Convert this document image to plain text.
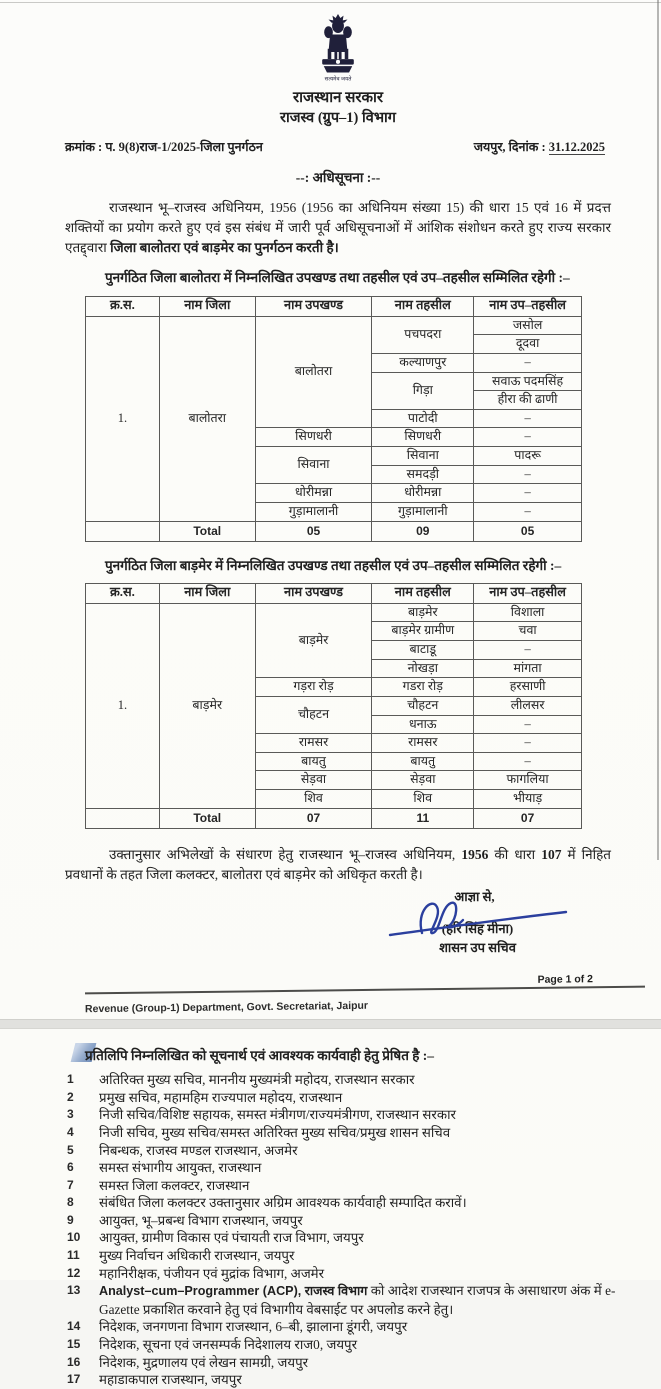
सत्यमेव जयते
राजस्थान सरकार
राजस्व (ग्रुप–1) विभाग
क्रमांक : प. 9(8)राज-1/2025-जिला पुनर्गठन	जयपुर, दिनांक : 31.12.2025
--: अधिसूचना :--
राजस्थान भू–राजस्व अधिनियम, 1956 (1956 का अधिनियम संख्या 15) की धारा 15 एवं 16 में प्रदत्त शक्तियों का प्रयोग करते हुए एवं इस संबंध में जारी पूर्व अधिसूचनाओं में आंशिक संशोधन करते हुए राज्य सरकार एतद्द्वारा जिला बालोतरा एवं बाड़मेर का पुनर्गठन करती है।
पुनर्गठित जिला बालोतरा में निम्नलिखित उपखण्ड तथा तहसील एवं उप–तहसील सम्मिलित रहेगी :–
क्र.स.	नाम जिला	नाम उपखण्ड	नाम तहसील	नाम उप–तहसील
1.	बालोतरा	बालोतरा	पचपदरा	जसोल
				दूदवा
			कल्याणपुर	–
			गिड़ा	सवाऊ पदमसिंह
				हीरा की ढाणी
			पाटोदी	–
		सिणधरी	सिणधरी	–
		सिवाना	सिवाना	पादरू
			समदड़ी	–
		धोरीमन्ना	धोरीमन्ना	–
		गुड़ामालानी	गुड़ामालानी	–
	Total	05	09	05
पुनर्गठित जिला बाड़मेर में निम्नलिखित उपखण्ड तथा तहसील एवं उप–तहसील सम्मिलित रहेगी :–
क्र.स.	नाम जिला	नाम उपखण्ड	नाम तहसील	नाम उप–तहसील
1.	बाड़मेर	बाड़मेर	बाड़मेर	विशाला
			बाड़मेर ग्रामीण	चवा
			बाटाडू	–
			नोखड़ा	मांगता
		गड़रा रोड़	गडरा रोड़	हरसाणी
		चौहटन	चौहटन	लीलसर
			धनाऊ	–
		रामसर	रामसर	–
		बायतु	बायतु	–
		सेड़वा	सेड़वा	फागलिया
		शिव	शिव	भीयाड़
	Total	07	11	07
उक्तानुसार अभिलेखों के संधारण हेतु राजस्थान भू–राजस्व अधिनियम, 1956 की धारा 107 में निहित प्रवधानों के तहत जिला कलक्टर, बालोतरा एवं बाड़मेर को अधिकृत करती है।
आज्ञा से,
(हरि सिंह मीना)
शासन उप सचिव
Page 1 of 2
Revenue (Group-1) Department, Govt. Secretariat, Jaipur
प्रतिलिपि निम्नलिखित को सूचनार्थ एवं आवश्यक कार्यवाही हेतु प्रेषित है :–
1	अतिरिक्त मुख्य सचिव, माननीय मुख्यमंत्री महोदय, राजस्थान सरकार
2	प्रमुख सचिव, महामहिम राज्यपाल महोदय, राजस्थान
3	निजी सचिव/विशिष्ट सहायक, समस्त मंत्रीगण/राज्यमंत्रीगण, राजस्थान सरकार
4	निजी सचिव, मुख्य सचिव/समस्त अतिरिक्त मुख्य सचिव/प्रमुख शासन सचिव
5	निबन्धक, राजस्व मण्डल राजस्थान, अजमेर
6	समस्त संभागीय आयुक्त, राजस्थान
7	समस्त जिला कलक्टर, राजस्थान
8	संबंधित जिला कलक्टर उक्तानुसार अग्रिम आवश्यक कार्यवाही सम्पादित करावें।
9	आयुक्त, भू–प्रबन्ध विभाग राजस्थान, जयपुर
10	आयुक्त, ग्रामीण विकास एवं पंचायती राज विभाग, जयपुर
11	मुख्य निर्वाचन अधिकारी राजस्थान, जयपुर
12	महानिरीक्षक, पंजीयन एवं मुद्रांक विभाग, अजमेर
13	Analyst–cum–Programmer (ACP), राजस्व विभाग को आदेश राजस्थान राजपत्र के असाधारण अंक में e-Gazette प्रकाशित करवाने हेतु एवं विभागीय वेबसाईट पर अपलोड करने हेतु।
14	निदेशक, जनगणना विभाग राजस्थान, 6–बी, झालाना डूंगरी, जयपुर
15	निदेशक, सूचना एवं जनसम्पर्क निदेशालय राज0, जयपुर
16	निदेशक, मुद्रणालय एवं लेखन सामग्री, जयपुर
17	महाडाकपाल राजस्थान, जयपुर
